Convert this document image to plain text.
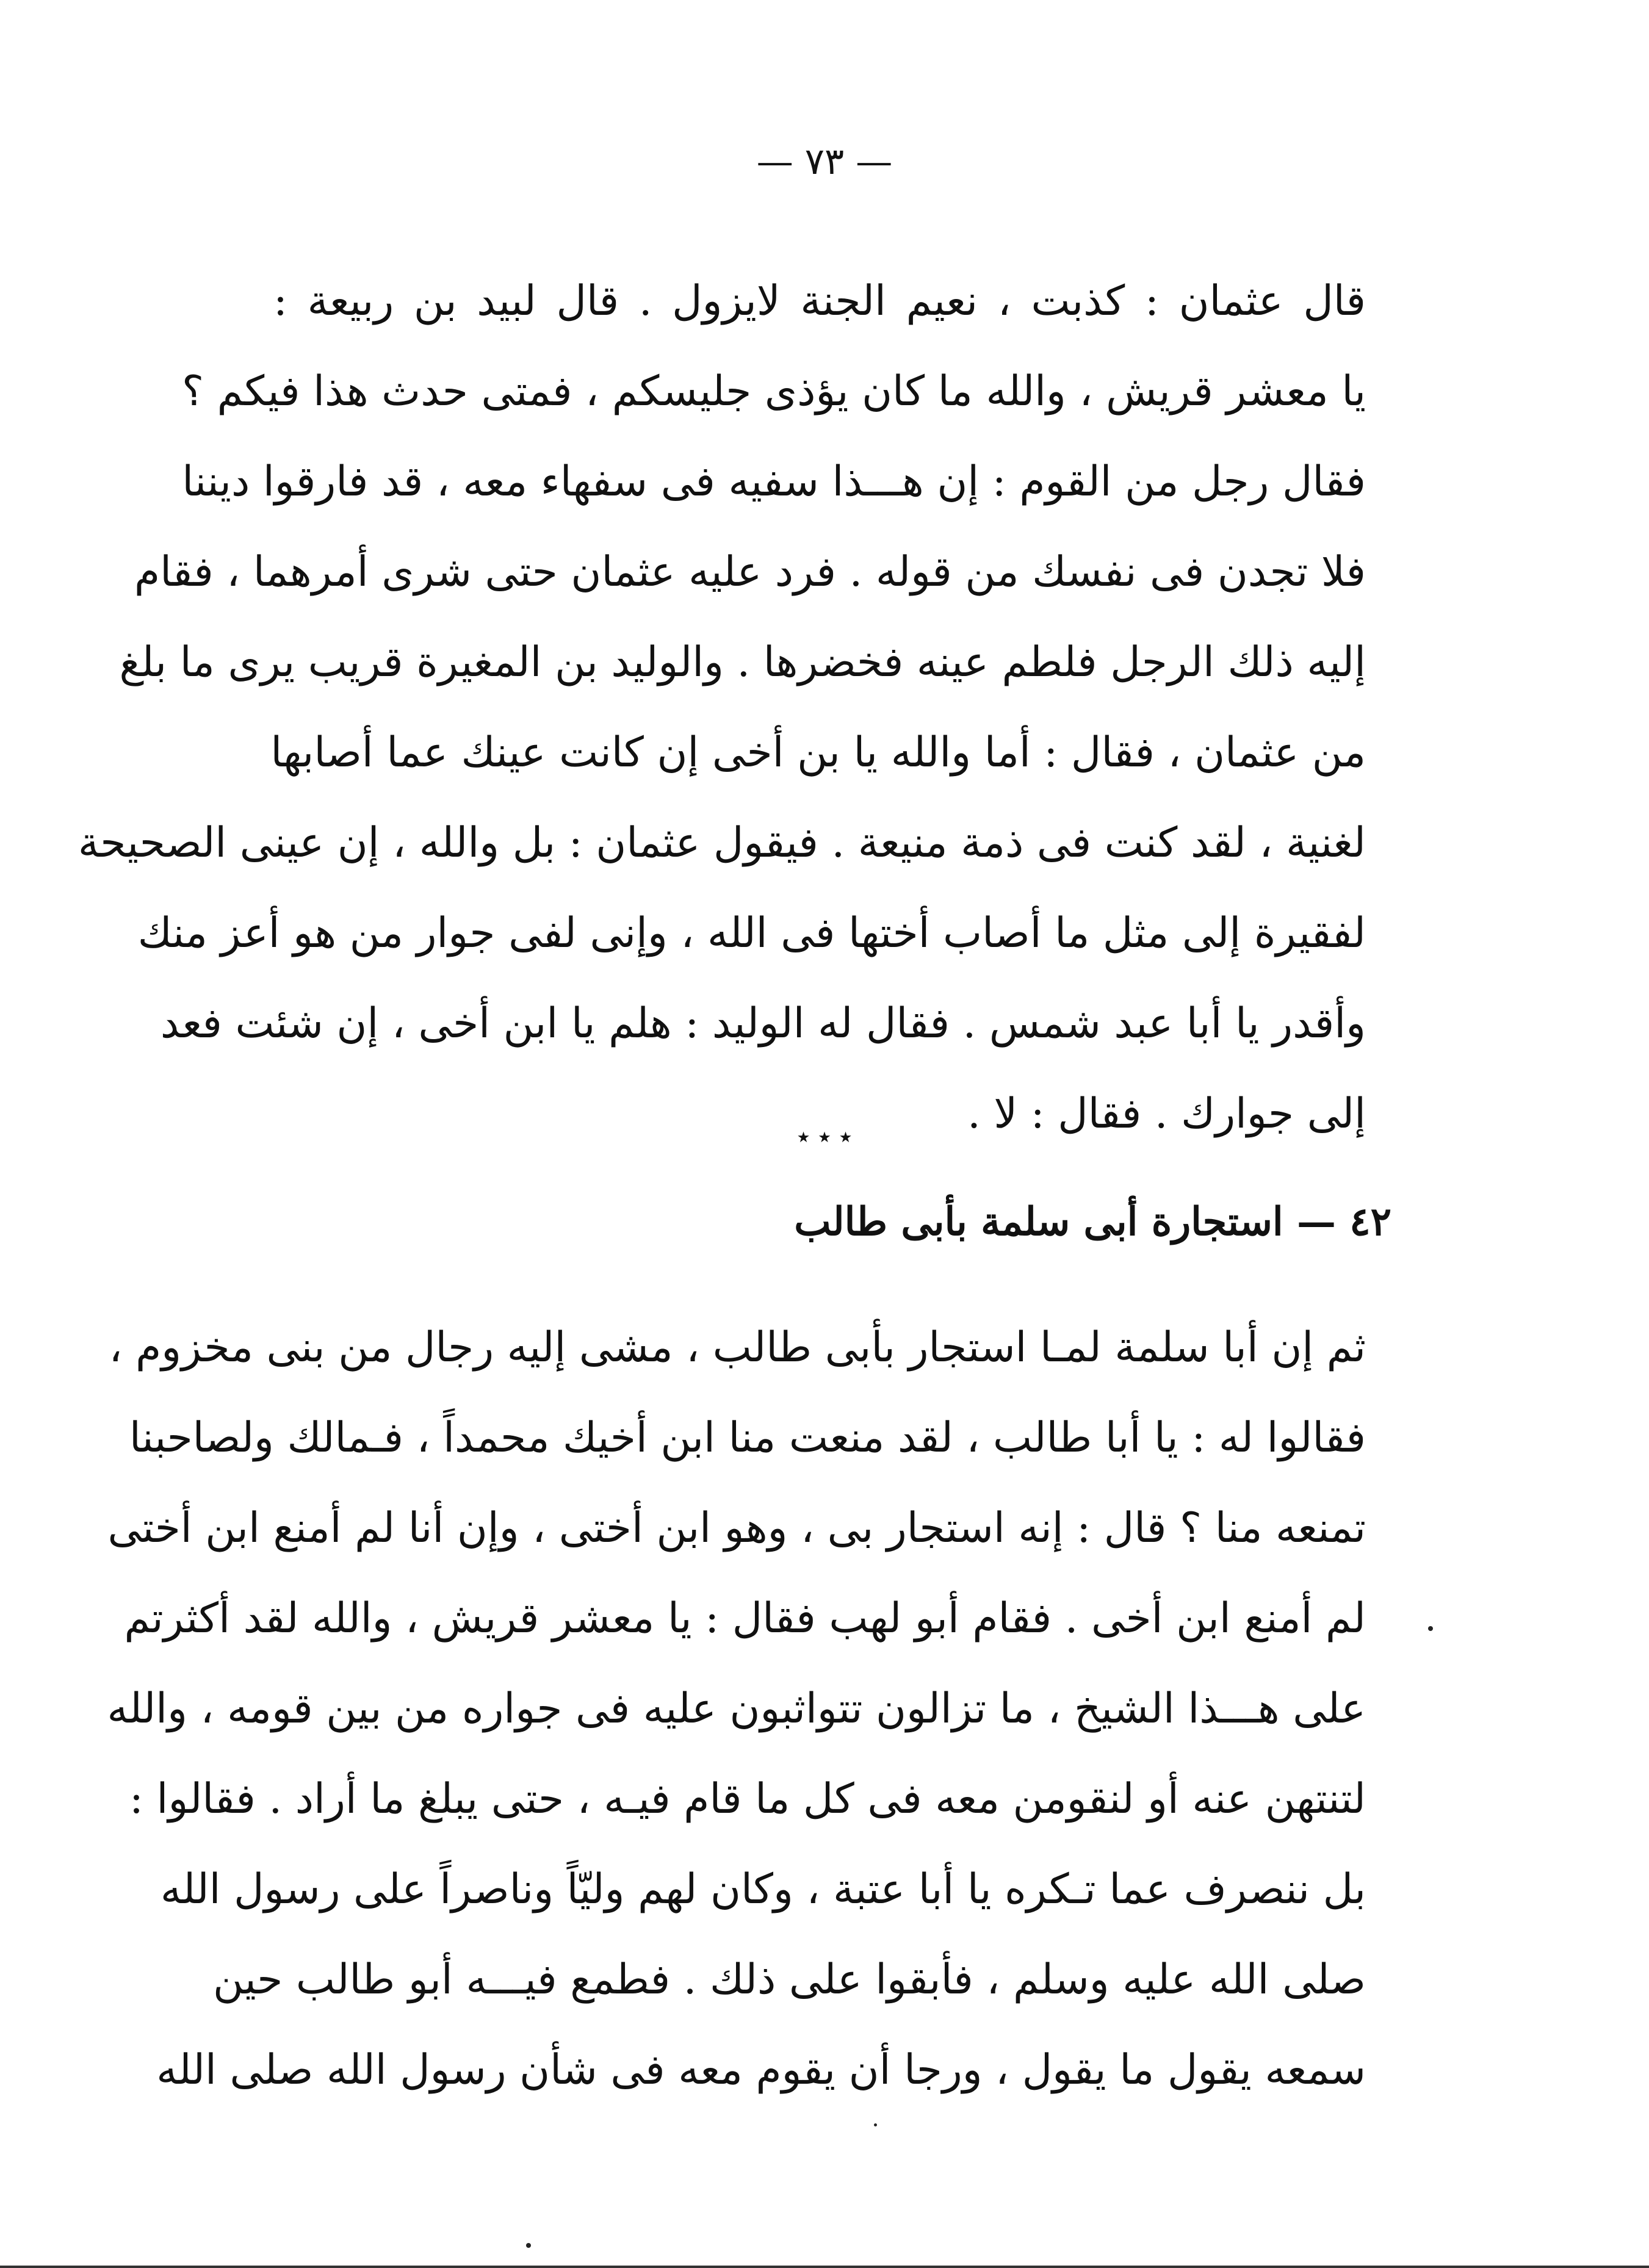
— ٧٣ —
قال عثمان : كذبت ، نعيم الجنة لايزول . قال لبيد بن ربيعة :
يا معشر قريش ، والله ما كان يؤذى جليسكم ، فمتى حدث هذا فيكم ؟
فقال رجل من القوم : إن هـــذا سفيه فى سفهاء معه ، قد فارقوا ديننا
فلا تجدن فى نفسك من قوله . فرد عليه عثمان حتى شرى أمرهما ، فقام
إليه ذلك الرجل فلطم عينه فخضرها . والوليد بن المغيرة قريب يرى ما بلغ
من عثمان ، فقال : أما والله يا بن أخى إن كانت عينك عما أصابها
لغنية ، لقد كنت فى ذمة منيعة . فيقول عثمان : بل والله ، إن عينى الصحيحة
لفقيرة إلى مثل ما أصاب أختها فى الله ، وإنى لفى جوار من هو أعز منك
وأقدر يا أبا عبد شمس . فقال له الوليد : هلم يا ابن أخى ، إن شئت فعد
إلى جوارك . فقال : لا .
٭ ٭ ٭
٤٢ — استجارة أبى سلمة بأبى طالب
ثم إن أبا سلمة لمـا استجار بأبى طالب ، مشى إليه رجال من بنى مخزوم ،
فقالوا له : يا أبا طالب ، لقد منعت منا ابن أخيك محمداً ، فـمالك ولصاحبنا
تمنعه منا ؟ قال : إنه استجار بى ، وهو ابن أختى ، وإن أنا لم أمنع ابن أختى
لم أمنع ابن أخى . فقام أبو لهب فقال : يا معشر قريش ، والله لقد أكثرتم
على هـــذا الشيخ ، ما تزالون تتواثبون عليه فى جواره من بين قومه ، والله
لتنتهن عنه أو لنقومن معه فى كل ما قام فيـه ، حتى يبلغ ما أراد . فقالوا :
بل ننصرف عما تـكره يا أبا عتبة ، وكان لهم وليّاً وناصراً على رسول الله
صلى الله عليه وسلم ، فأبقوا على ذلك . فطمع فيـــه أبو طالب حين
سمعه يقول ما يقول ، ورجا أن يقوم معه فى شأن رسول الله صلى الله
